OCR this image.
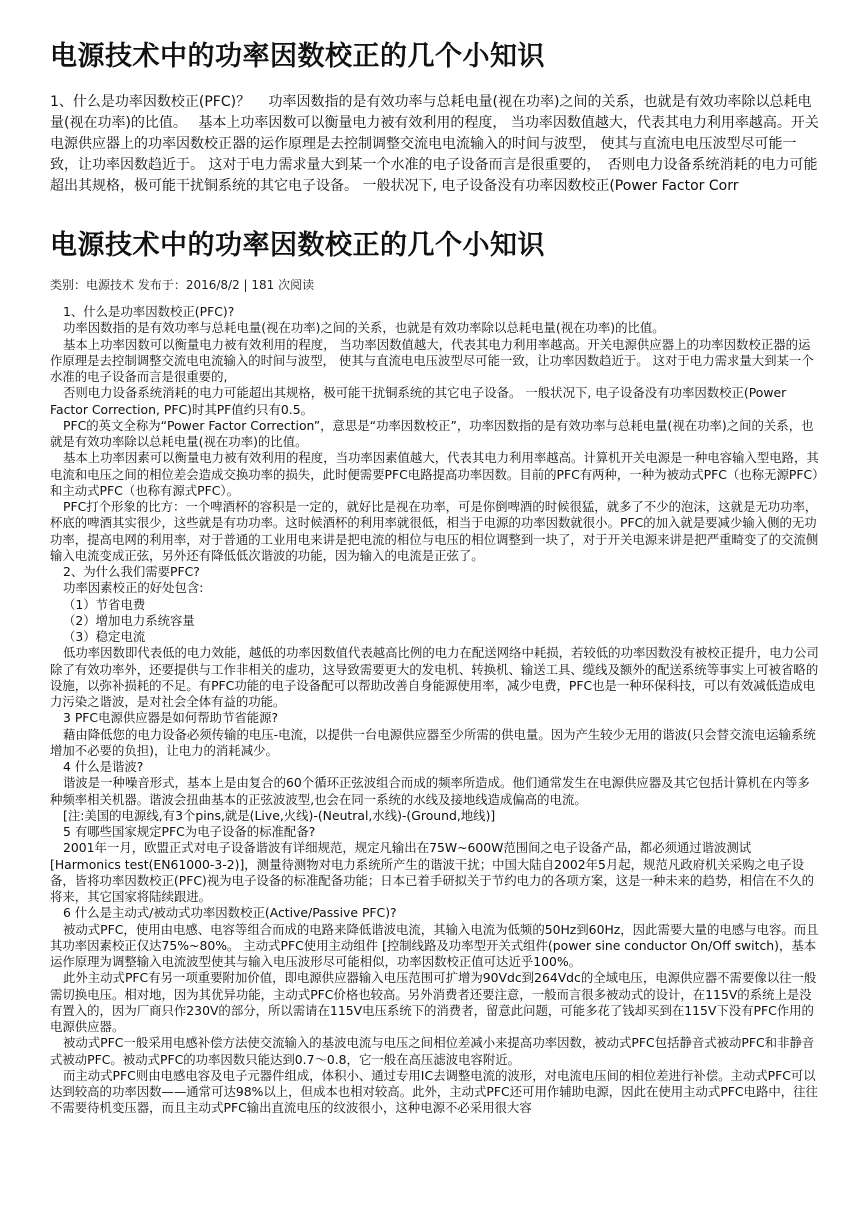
电源技术中的功率因数校正的几个小知识

1、什么是功率因数校正(PFC)？　 功率因数指的是有效功率与总耗电量(视在功率)之间的关系，也就是有效功率除以总耗电量(视在功率)的比值。　 基本上功率因数可以衡量电力被有效利用的程度， 当功率因数值越大，代表其电力利用率越高。开关电源供应器上的功率因数校正器的运作原理是去控制调整交流电电流输入的时间与波型， 使其与直流电电压波型尽可能一致，让功率因数趋近于。 这对于电力需求量大到某一个水准的电子设备而言是很重要的，　否则电力设备系统消耗的电力可能超出其规格，极可能干扰铜系统的其它电子设备。 一般状况下, 电子设备没有功率因数校正(Power Factor Corr

电源技术中的功率因数校正的几个小知识
类别：电源技术 发布于：2016/8/2 | 181 次阅读

1、什么是功率因数校正(PFC)?

功率因数指的是有效功率与总耗电量(视在功率)之间的关系，也就是有效功率除以总耗电量(视在功率)的比值。

基本上功率因数可以衡量电力被有效利用的程度， 当功率因数值越大，代表其电力利用率越高。开关电源供应器上的功率因数校正器的运作原理是去控制调整交流电电流输入的时间与波型， 使其与直流电电压波型尽可能一致，让功率因数趋近于。 这对于电力需求量大到某一个水准的电子设备而言是很重要的,

否则电力设备系统消耗的电力可能超出其规格，极可能干扰铜系统的其它电子设备。 一般状况下, 电子设备没有功率因数校正(Power Factor Correction, PFC)时其PF值约只有0.5。

PFC的英文全称为“Power Factor Correction”，意思是“功率因数校正”，功率因数指的是有效功率与总耗电量(视在功率)之间的关系，也就是有效功率除以总耗电量(视在功率)的比值。

基本上功率因素可以衡量电力被有效利用的程度，当功率因素值越大，代表其电力利用率越高。计算机开关电源是一种电容输入型电路，其电流和电压之间的相位差会造成交换功率的损失，此时便需要PFC电路提高功率因数。目前的PFC有两种，一种为被动式PFC（也称无源PFC）和主动式PFC（也称有源式PFC）。

PFC打个形象的比方：一个啤酒杯的容积是一定的，就好比是视在功率，可是你倒啤酒的时候很猛，就多了不少的泡沫，这就是无功功率，杯底的啤酒其实很少，这些就是有功功率。这时候酒杯的利用率就很低，相当于电源的功率因数就很小。PFC的加入就是要减少输入侧的无功功率，提高电网的利用率，对于普通的工业用电来讲是把电流的相位与电压的相位调整到一块了，对于开关电源来讲是把严重畸变了的交流侧输入电流变成正弦，另外还有降低低次谐波的功能，因为输入的电流是正弦了。

2、为什么我们需要PFC?

功率因素校正的好处包含:

（1）节省电费

（2）增加电力系统容量

（3）稳定电流

低功率因数即代表低的电力效能，越低的功率因数值代表越高比例的电力在配送网络中耗损，若较低的功率因数没有被校正提升，电力公司除了有效功率外，还要提供与工作非相关的虚功，这导致需要更大的发电机、转换机、输送工具、缆线及额外的配送系统等事实上可被省略的设施，以弥补损耗的不足。有PFC功能的电子设备配可以帮助改善自身能源使用率，减少电费，PFC也是一种环保科技，可以有效减低造成电力污染之谐波，是对社会全体有益的功能。

3 PFC电源供应器是如何帮助节省能源?

藉由降低您的电力设备必须传输的电压-电流，以提供一台电源供应器至少所需的供电量。因为产生较少无用的谐波(只会替交流电运输系统增加不必要的负担)，让电力的消耗减少。

4 什么是谐波?

谐波是一种噪音形式，基本上是由复合的60个循环正弦波组合而成的频率所造成。他们通常发生在电源供应器及其它包括计算机在内等多种频率相关机器。谐波会扭曲基本的正弦波波型,也会在同一系统的水线及接地线造成偏高的电流。

[注:美国的电源线,有3个pins,就是(Live,火线)-(Neutral,水线)-(Ground,地线)]

5 有哪些国家规定PFC为电子设备的标准配备?

2001年一月，欧盟正式对电子设备谐波有详细规范，规定凡输出在75W~600W范围间之电子设备产品，都必须通过谐波测试[Harmonics test(EN61000-3-2)]，测量待测物对电力系统所产生的谐波干扰；中国大陆自2002年5月起，规范凡政府机关采购之电子设备，皆将功率因数校正(PFC)视为电子设备的标准配备功能；日本已着手研拟关于节约电力的各项方案，这是一种未来的趋势，相信在不久的将来，其它国家将陆续跟进。

6 什么是主动式/被动式功率因数校正(Active/Passive PFC)?

被动式PFC，使用由电感、电容等组合而成的电路来降低谐波电流，其输入电流为低频的50Hz到60Hz，因此需要大量的电感与电容。而且其功率因素校正仅达75%~80%。 主动式PFC使用主动组件 [控制线路及功率型开关式组件(power sine conductor On/Off switch)，基本运作原理为调整输入电流波型使其与输入电压波形尽可能相似，功率因数校正值可达近乎100%。

此外主动式PFC有另一项重要附加价值，即电源供应器输入电压范围可扩增为90Vdc到264Vdc的全域电压，电源供应器不需要像以往一般需切换电压。相对地，因为其优异功能，主动式PFC价格也较高。另外消费者还要注意，一般而言很多被动式的设计，在115V的系统上是没有置入的，因为厂商只作230V的部分，所以需请在115V电压系统下的消费者，留意此问题，可能多花了钱却买到在115V下没有PFC作用的电源供应器。

被动式PFC一般采用电感补偿方法使交流输入的基波电流与电压之间相位差减小来提高功率因数，被动式PFC包括静音式被动PFC和非静音式被动PFC。被动式PFC的功率因数只能达到0.7～0.8，它一般在高压滤波电容附近。

而主动式PFC则由电感电容及电子元器件组成，体积小、通过专用IC去调整电流的波形，对电流电压间的相位差进行补偿。主动式PFC可以达到较高的功率因数——通常可达98%以上，但成本也相对较高。此外，主动式PFC还可用作辅助电源，因此在使用主动式PFC电路中，往往不需要待机变压器，而且主动式PFC输出直流电压的纹波很小，这种电源不必采用很大容
